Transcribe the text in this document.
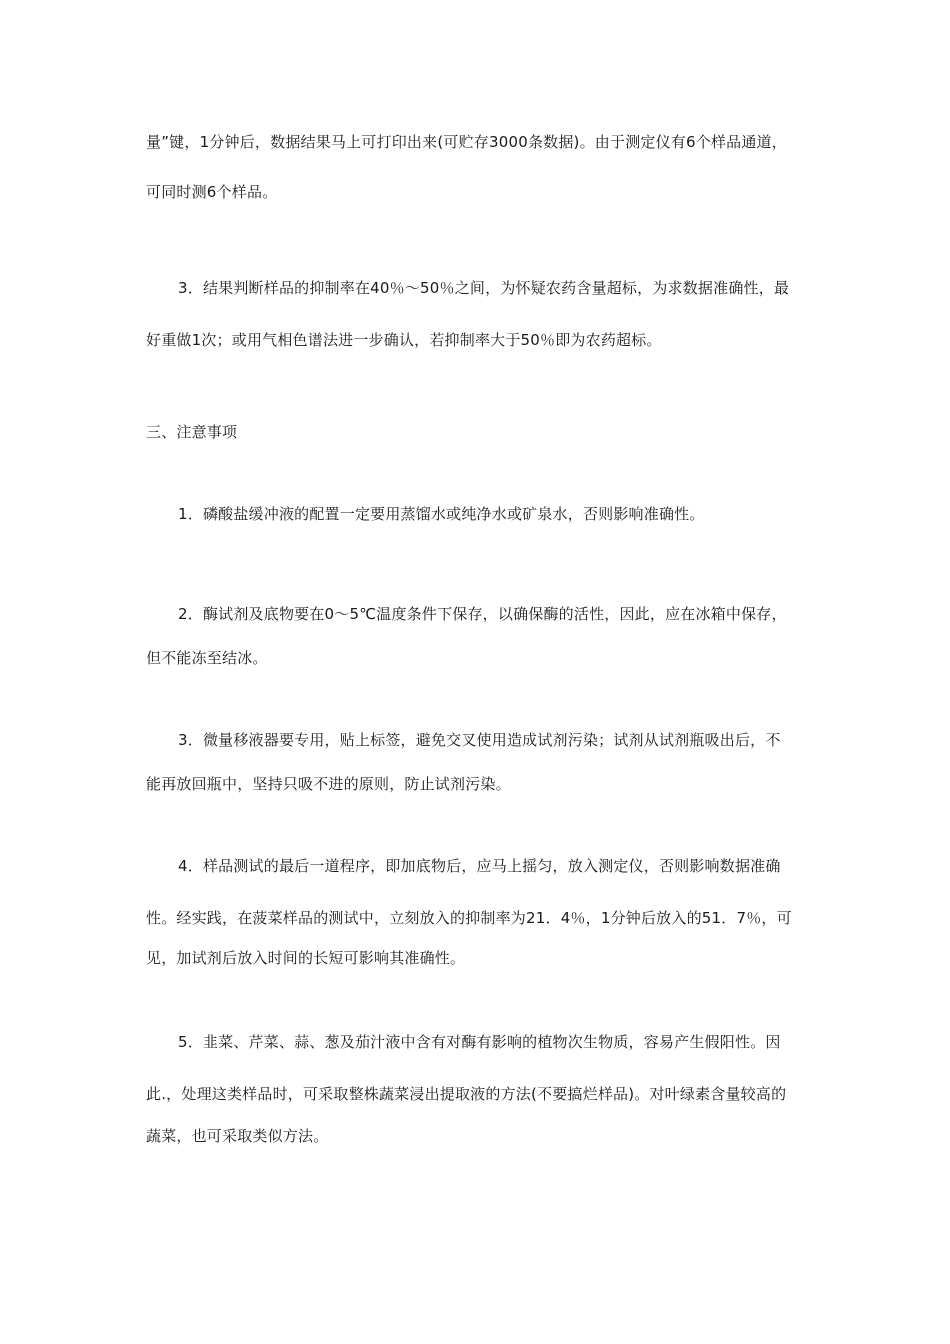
量”键，1分钟后，数据结果马上可打印出来(可贮存3000条数据)。由于测定仪有6个样品通道，
可同时测6个样品。
3．结果判断样品的抑制率在40％～50％之间，为怀疑农药含量超标，为求数据准确性，最
好重做1次；或用气相色谱法进一步确认，若抑制率大于50％即为农药超标。
三、注意事项
1．磷酸盐缓冲液的配置一定要用蒸馏水或纯净水或矿泉水，否则影响准确性。
2．酶试剂及底物要在0～5℃温度条件下保存，以确保酶的活性，因此，应在冰箱中保存，
但不能冻至结冰。
3．微量移液器要专用，贴上标签，避免交叉使用造成试剂污染；试剂从试剂瓶吸出后，不
能再放回瓶中，坚持只吸不进的原则，防止试剂污染。
4．样品测试的最后一道程序，即加底物后，应马上摇匀，放入测定仪，否则影响数据准确
性。经实践，在菠菜样品的测试中，立刻放入的抑制率为21．4％，1分钟后放入的51．7％，可
见，加试剂后放入时间的长短可影响其准确性。
5．韭菜、芹菜、蒜、葱及茄汁液中含有对酶有影响的植物次生物质，容易产生假阳性。因
此.，处理这类样品时，可采取整株蔬菜浸出提取液的方法(不要搞烂样品)。对叶绿素含量较高的
蔬菜，也可采取类似方法。
